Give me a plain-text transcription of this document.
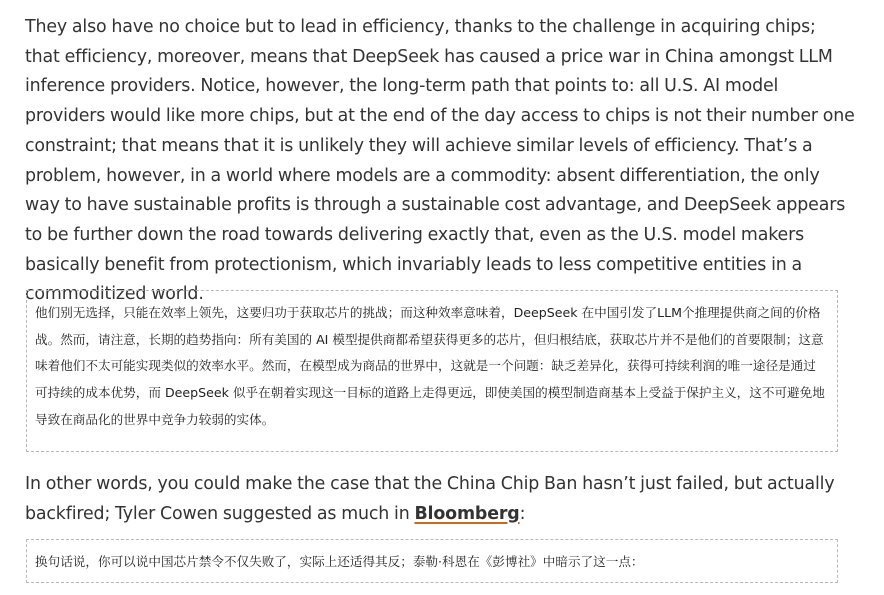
They also have no choice but to lead in efficiency, thanks to the challenge in acquiring chips; that efficiency, moreover, means that DeepSeek has caused a price war in China amongst LLM inference providers. Notice, however, the long-term path that points to: all U.S. AI model providers would like more chips, but at the end of the day access to chips is not their number one constraint; that means that it is unlikely they will achieve similar levels of efficiency. That’s a problem, however, in a world where models are a commodity: absent differentiation, the only way to have sustainable profits is through a sustainable cost advantage, and DeepSeek appears to be further down the road towards delivering exactly that, even as the U.S. model makers basically benefit from protectionism, which invariably leads to less competitive entities in a commoditized world.

他们别无选择，只能在效率上领先，这要归功于获取芯片的挑战；而这种效率意味着，DeepSeek 在中国引发了LLM个推理提供商之间的价格战。然而，请注意，长期的趋势指向：所有美国的 AI 模型提供商都希望获得更多的芯片，但归根结底，获取芯片并不是他们的首要限制；这意味着他们不太可能实现类似的效率水平。然而，在模型成为商品的世界中，这就是一个问题：缺乏差异化，获得可持续利润的唯一途径是通过可持续的成本优势，而 DeepSeek 似乎在朝着实现这一目标的道路上走得更远，即使美国的模型制造商基本上受益于保护主义，这不可避免地导致在商品化的世界中竞争力较弱的实体。

In other words, you could make the case that the China Chip Ban hasn’t just failed, but actually backfired; Tyler Cowen suggested as much in Bloomberg:

换句话说，你可以说中国芯片禁令不仅失败了，实际上还适得其反；泰勒·科恩在《彭博社》中暗示了这一点：
